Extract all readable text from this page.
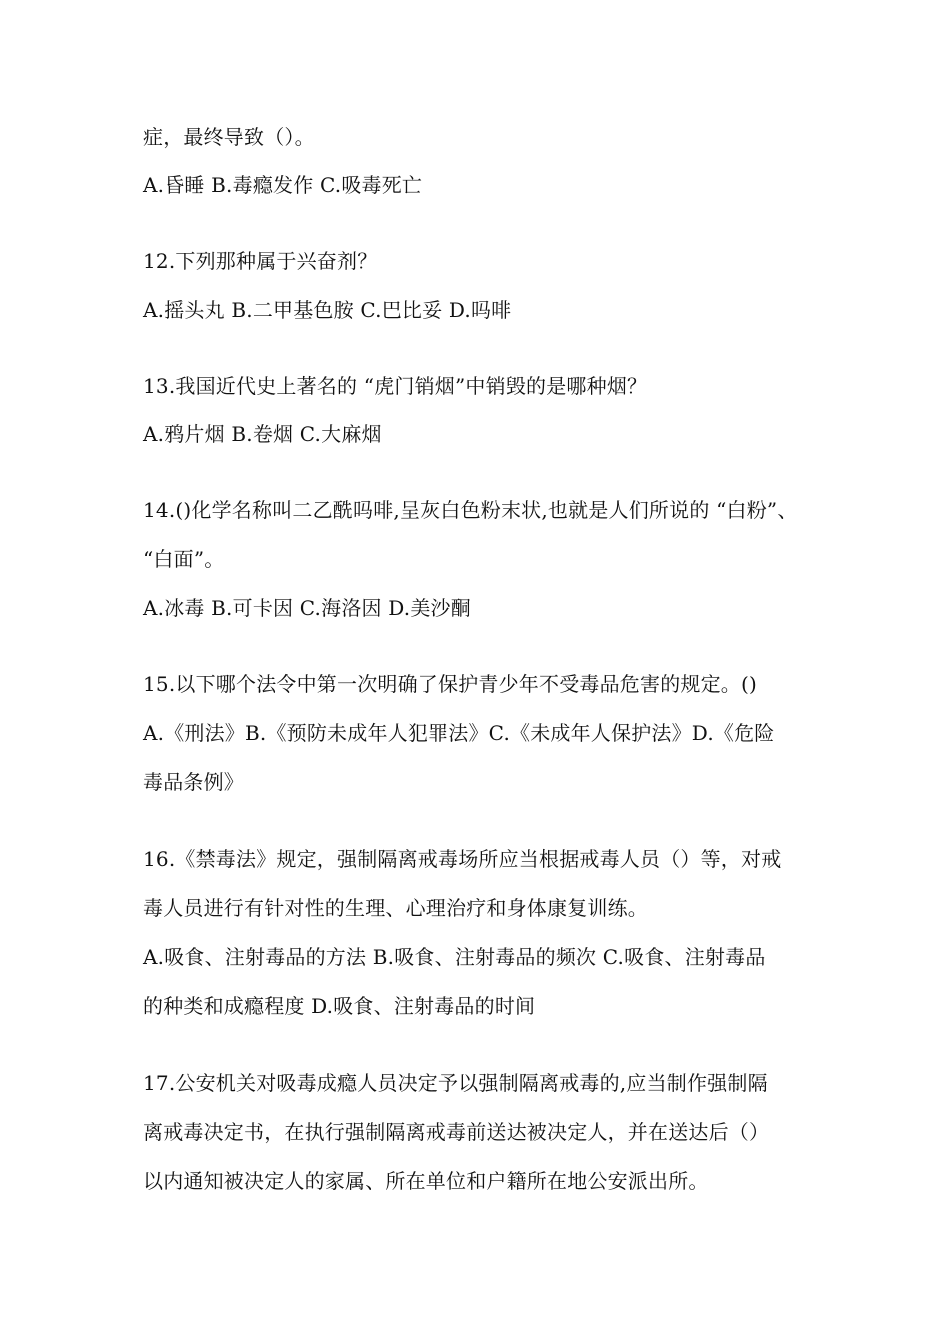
症，最终导致（）。
A.昏睡 B.毒瘾发作 C.吸毒死亡
12.下列那种属于兴奋剂？
A.摇头丸 B.二甲基色胺 C.巴比妥 D.吗啡
13.我国近代史上著名的 “虎门销烟”中销毁的是哪种烟？
A.鸦片烟 B.卷烟 C.大麻烟
14.()化学名称叫二乙酰吗啡,呈灰白色粉末状,也就是人们所说的 “白粉”、
“白面”。
A.冰毒 B.可卡因 C.海洛因 D.美沙酮
15.以下哪个法令中第一次明确了保护青少年不受毒品危害的规定。()
A.《刑法》B.《预防未成年人犯罪法》C.《未成年人保护法》D.《危险
毒品条例》
16.《禁毒法》规定，强制隔离戒毒场所应当根据戒毒人员（）等，对戒
毒人员进行有针对性的生理、心理治疗和身体康复训练。
A.吸食、注射毒品的方法 B.吸食、注射毒品的频次 C.吸食、注射毒品
的种类和成瘾程度 D.吸食、注射毒品的时间
17.公安机关对吸毒成瘾人员决定予以强制隔离戒毒的,应当制作强制隔
离戒毒决定书，在执行强制隔离戒毒前送达被决定人，并在送达后（）
以内通知被决定人的家属、所在单位和户籍所在地公安派出所。
